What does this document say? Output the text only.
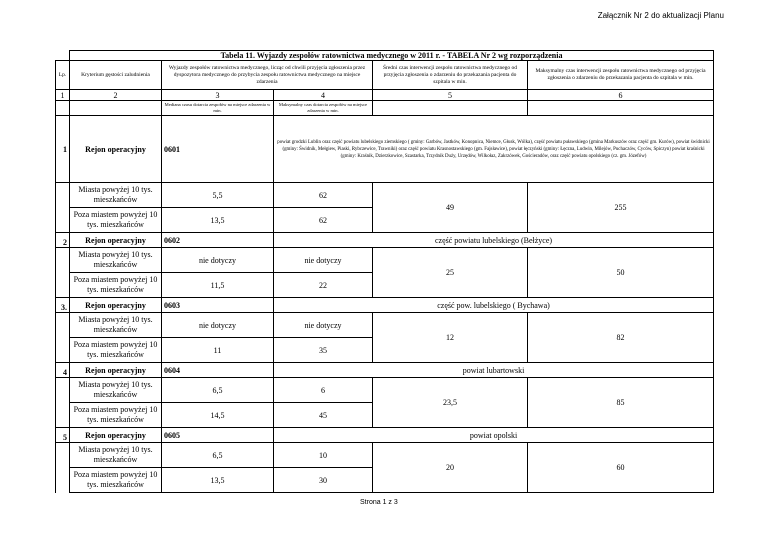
Załącznik Nr 2 do aktualizacji Planu
	Tabela 11. Wyjazdy zespołów ratownictwa medycznego w 2011 r. - TABELA Nr 2 wg rozporządzenia				
Lp.	Kryterium gęstości zaludnienia	Wyjazdy zespołów ratownictwa medycznego, licząc od chwili przyjęcia zgłoszenia przez dyspozytora medycznego do przybycia zespołu ratownictwa medycznego na miejsce zdarzenia		Średni czas interwencji zespołu ratownictwa medycznego od przyjęcia zgłoszenia o zdarzeniu do przekazania pacjenta do szpitala w min.	Maksymalny czas interwencji zespołu ratownictwa medycznego od przyjęcia zgłoszenia o zdarzeniu do przekazania pacjenta do szpitala w min.
1	2	3	4	5	6
		Mediana czasu dotarcia zespołów na miejsce zdarzenia w min.	Maksymalny czas dotarcia zespołów na miejsce zdarzenia w min.		
1	Rejon operacyjny	0601	powiat grodzki Lublin oraz część powiatu lubelskiego ziemskiego ( gminy: Garbów, Jastków, Konopnica, Niemce, Głusk, Wólka), część powiatu puławskiego (gmina Markuszów oraz część gm. Kurów), powiat świdnicki (gminy: Świdnik, Mełgiew, Piaski, Rybczewice, Trawniki) oraz część powiatu Krasnostawskiego (gm. Fajsławice), powiat łęczyński (gminy: Łęczna, Ludwin, Milejów, Puchaczów, Cyców, Spiczyn) powiat kraśnicki (gminy: Kraśnik, Dzierzkowice, Szastarka, Trzydnik Duży, Urzędów, Wilkołaz, Zakrzówek, Gościeradów, oraz część powiatu opolskiego (cz. gm. Józefów)		
	Miasta powyżej 10 tys. mieszkańców	5,5	62	49	255
	Poza miastem powyżej 10 tys. mieszkańców	13,5	62		
2	Rejon operacyjny	0602	część powiatu lubelskiego (Bełżyce)		
	Miasta powyżej 10 tys. mieszkańców	nie dotyczy	nie dotyczy	25	50
	Poza miastem powyżej 10 tys. mieszkańców	11,5	22		
3.	Rejon operacyjny	0603	część pow. lubelskiego ( Bychawa)		
	Miasta powyżej 10 tys. mieszkańców	nie dotyczy	nie dotyczy	12	82
	Poza miastem powyżej 10 tys. mieszkańców	11	35		
4	Rejon operacyjny	0604	powiat lubartowski		
	Miasta powyżej 10 tys. mieszkańców	6,5	6	23,5	85
	Poza miastem powyżej 10 tys. mieszkańców	14,5	45		
5	Rejon operacyjny	0605	powiat opolski		
	Miasta powyżej 10 tys. mieszkańców	6,5	10	20	60
	Poza miastem powyżej 10 tys. mieszkańców	13,5	30		
Strona 1 z 3
